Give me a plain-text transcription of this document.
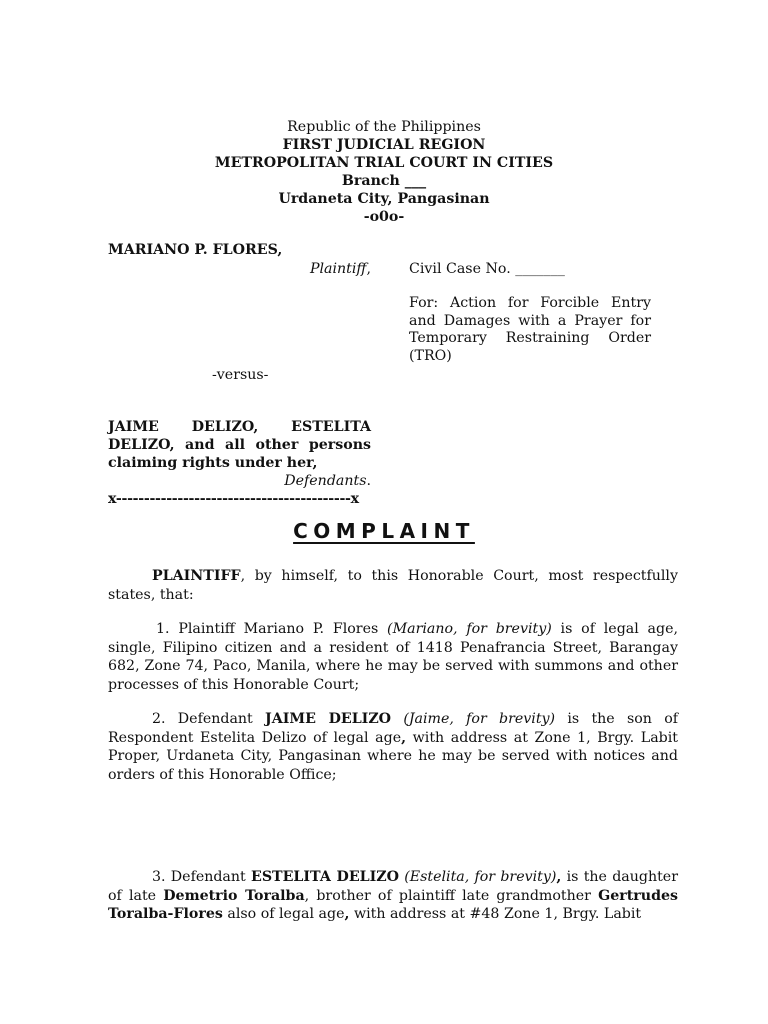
Republic of the Philippines
FIRST JUDICIAL REGION
METROPOLITAN TRIAL COURT IN CITIES
Branch ___
Urdaneta City, Pangasinan
-o0o-
MARIANO P. FLORES,
Plaintiff,	Civil Case No. _______
For: Action for Forcible Entry and Damages with a Prayer for Temporary Restraining Order (TRO)
-versus-
JAIME DELIZO, ESTELITA DELIZO, and all other persons claiming rights under her,
Defendants.
x------------------------------------------x
COMPLAINT
PLAINTIFF, by himself, to this Honorable Court, most respectfully states, that:
1. Plaintiff Mariano P. Flores (Mariano, for brevity) is of legal age, single, Filipino citizen and a resident of 1418 Penafrancia Street, Barangay 682, Zone 74, Paco, Manila, where he may be served with summons and other processes of this Honorable Court;
2. Defendant JAIME DELIZO (Jaime, for brevity) is the son of Respondent Estelita Delizo of legal age, with address at Zone 1, Brgy. Labit Proper, Urdaneta City, Pangasinan where he may be served with notices and orders of this Honorable Office;
3. Defendant ESTELITA DELIZO (Estelita, for brevity), is the daughter of late Demetrio Toralba, brother of plaintiff late grandmother Gertrudes Toralba-Flores also of legal age, with address at #48 Zone 1, Brgy. Labit
